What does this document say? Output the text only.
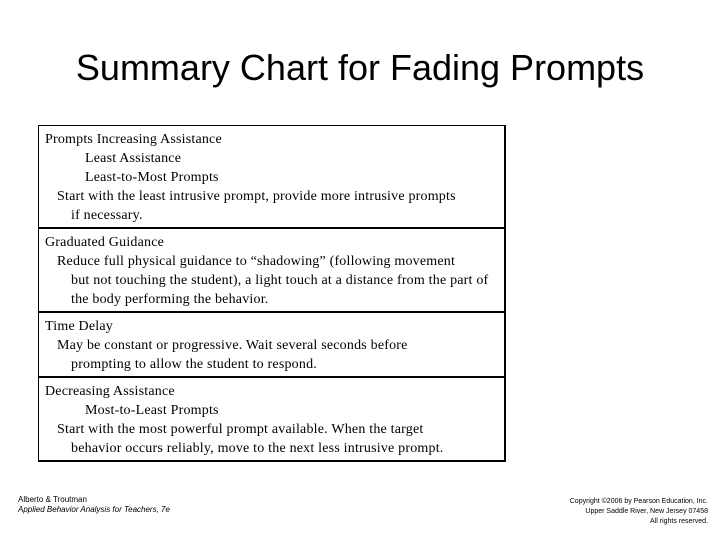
Summary Chart for Fading Prompts
Prompts Increasing Assistance
Least Assistance
Least-to-Most Prompts
Start with the least intrusive prompt, provide more intrusive prompts
if necessary.
Graduated Guidance
Reduce full physical guidance to “shadowing” (following movement
but not touching the student), a light touch at a distance from the part of the body performing the behavior.
Time Delay
May be constant or progressive. Wait several seconds before
prompting to allow the student to respond.
Decreasing Assistance
Most-to-Least Prompts
Start with the most powerful prompt available. When the target
behavior occurs reliably, move to the next less intrusive prompt.
Alberto & Troutman
Applied Behavior Analysis for Teachers, 7e
Copyright ©2006 by Pearson Education, Inc.
Upper Saddle River, New Jersey 07458
All rights reserved.
